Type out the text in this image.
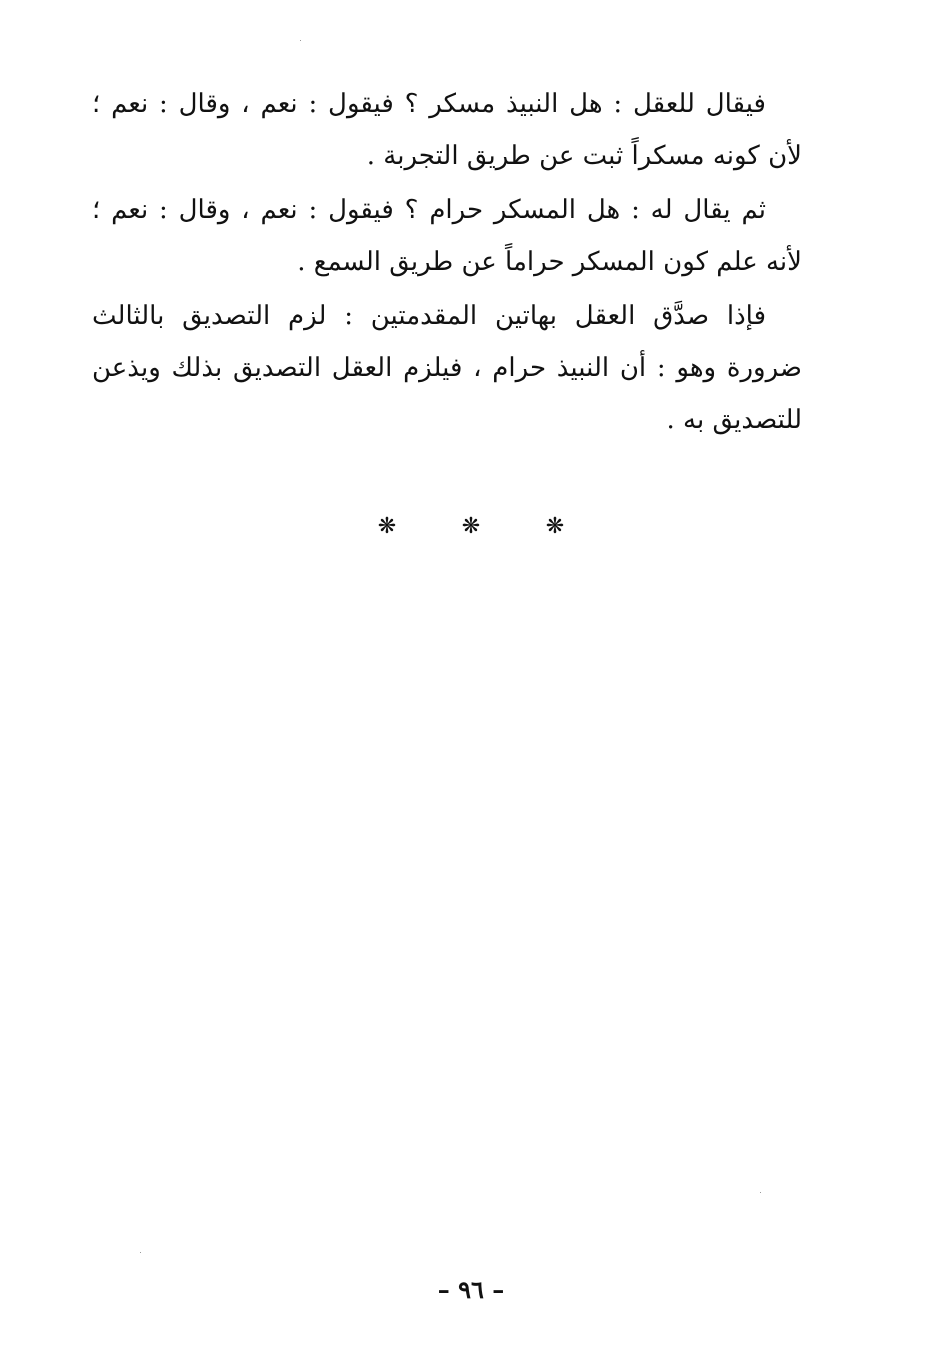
فيقال للعقل : هل النبيذ مسكر ؟ فيقول : نعم ، وقال : نعم ؛ لأن كونه مسكراً ثبت عن طريق التجربة .

ثم يقال له : هل المسكر حرام ؟ فيقول : نعم ، وقال : نعم ؛ لأنه علم كون المسكر حراماً عن طريق السمع .

فإذا صدَّق العقل بهاتين المقدمتين : لزم التصديق بالثالث ضرورة وهو : أن النبيذ حرام ، فيلزم العقل التصديق بذلك ويذعن للتصديق به .

❋	❋	❋
– ٩٦ –
